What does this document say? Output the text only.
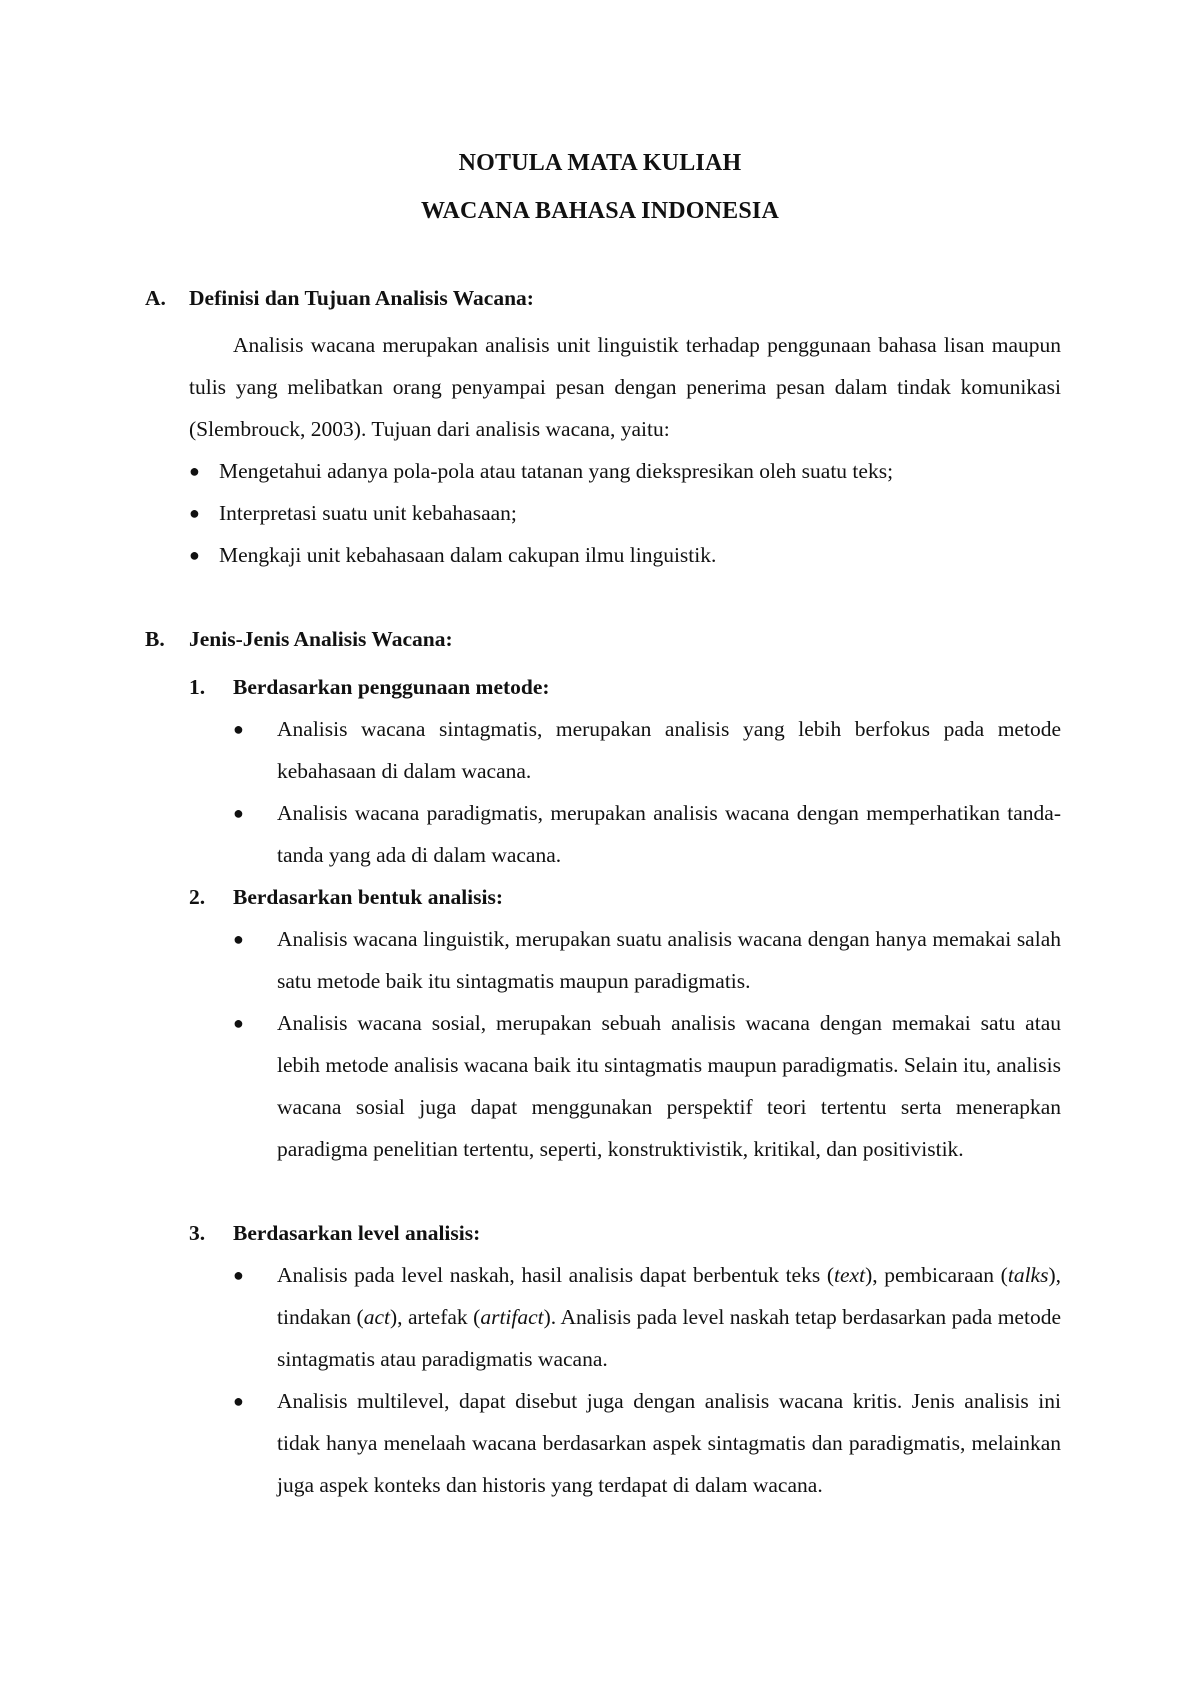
NOTULA MATA KULIAH
WACANA BAHASA INDONESIA
A. Definisi dan Tujuan Analisis Wacana:
Analisis wacana merupakan analisis unit linguistik terhadap penggunaan bahasa lisan maupun tulis yang melibatkan orang penyampai pesan dengan penerima pesan dalam tindak komunikasi (Slembrouck, 2003). Tujuan dari analisis wacana, yaitu:
● Mengetahui adanya pola-pola atau tatanan yang diekspresikan oleh suatu teks;
● Interpretasi suatu unit kebahasaan;
● Mengkaji unit kebahasaan dalam cakupan ilmu linguistik.
B. Jenis-Jenis Analisis Wacana:
1. Berdasarkan penggunaan metode:
● Analisis wacana sintagmatis, merupakan analisis yang lebih berfokus pada metode kebahasaan di dalam wacana.
● Analisis wacana paradigmatis, merupakan analisis wacana dengan memperhatikan tanda-tanda yang ada di dalam wacana.
2. Berdasarkan bentuk analisis:
● Analisis wacana linguistik, merupakan suatu analisis wacana dengan hanya memakai salah satu metode baik itu sintagmatis maupun paradigmatis.
● Analisis wacana sosial, merupakan sebuah analisis wacana dengan memakai satu atau lebih metode analisis wacana baik itu sintagmatis maupun paradigmatis. Selain itu, analisis wacana sosial juga dapat menggunakan perspektif teori tertentu serta menerapkan paradigma penelitian tertentu, seperti, konstruktivistik, kritikal, dan positivistik.
3. Berdasarkan level analisis:
● Analisis pada level naskah, hasil analisis dapat berbentuk teks (text), pembicaraan (talks), tindakan (act), artefak (artifact). Analisis pada level naskah tetap berdasarkan pada metode sintagmatis atau paradigmatis wacana.
● Analisis multilevel, dapat disebut juga dengan analisis wacana kritis. Jenis analisis ini tidak hanya menelaah wacana berdasarkan aspek sintagmatis dan paradigmatis, melainkan juga aspek konteks dan historis yang terdapat di dalam wacana.
